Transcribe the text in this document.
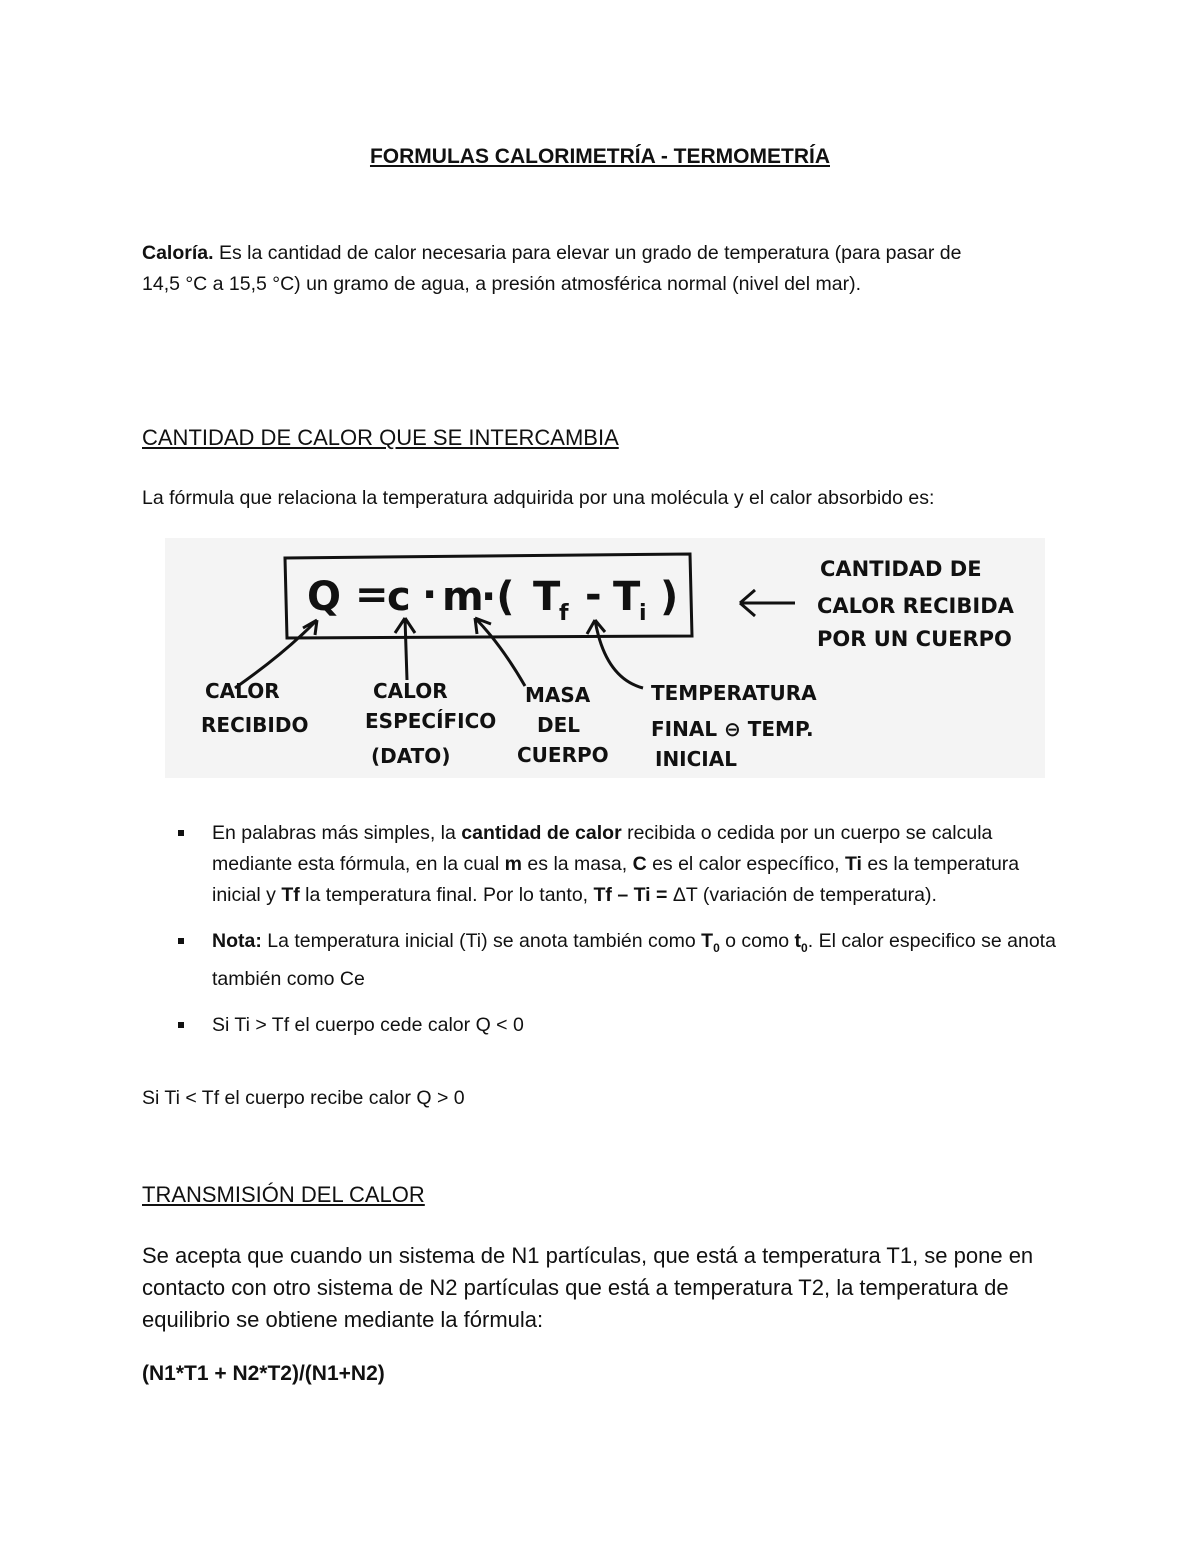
FORMULAS CALORIMETRÍA - TERMOMETRÍA

Caloría. Es la cantidad de calor necesaria para elevar un grado de temperatura (para pasar de
14,5 °C a 15,5 °C) un gramo de agua, a presión atmosférica normal (nivel del mar).

CANTIDAD DE CALOR QUE SE INTERCAMBIA

La fórmula que relaciona la temperatura adquirida por una molécula y el calor absorbido es:

Q =
c · m
·( T
f - T
i )
CANTIDAD DE
CALOR RECIBIDA
POR UN CUERPO
CALOR
RECIBIDO
CALOR
ESPECÍFICO
(DATO)
MASA
DEL
CUERPO
TEMPERATURA
FINAL ⊖ TEMP.
INICIAL
En palabras más simples, la cantidad de calor recibida o cedida por un cuerpo se calcula mediante esta fórmula, en la cual m es la masa, C es el calor específico, Ti es la temperatura inicial y Tf la temperatura final. Por lo tanto, Tf – Ti = ΔT (variación de temperatura).
Nota: La temperatura inicial (Ti) se anota también como $T_0$ o como $t_0$. El calor especifico se anota también como Ce
Si Ti > Tf el cuerpo cede calor Q < 0

Si Ti < Tf el cuerpo recibe calor Q > 0

TRANSMISIÓN DEL CALOR

Se acepta que cuando un sistema de N1 partículas, que está a temperatura T1, se pone en contacto con otro sistema de N2 partículas que está a temperatura T2, la temperatura de equilibrio se obtiene mediante la fórmula:

(N1*T1 + N2*T2)/(N1+N2)
